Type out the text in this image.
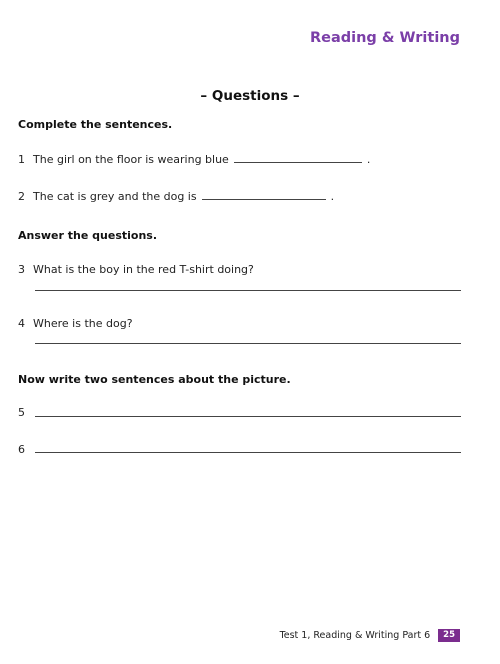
Reading & Writing
– Questions –
Complete the sentences.
1 The girl on the floor is wearing blue	.
2 The cat is grey and the dog is	.
Answer the questions.
3 What is the boy in the red T-shirt doing?
4 Where is the dog?
Now write two sentences about the picture.
5
6
Test 1, Reading & Writing Part 6	25
